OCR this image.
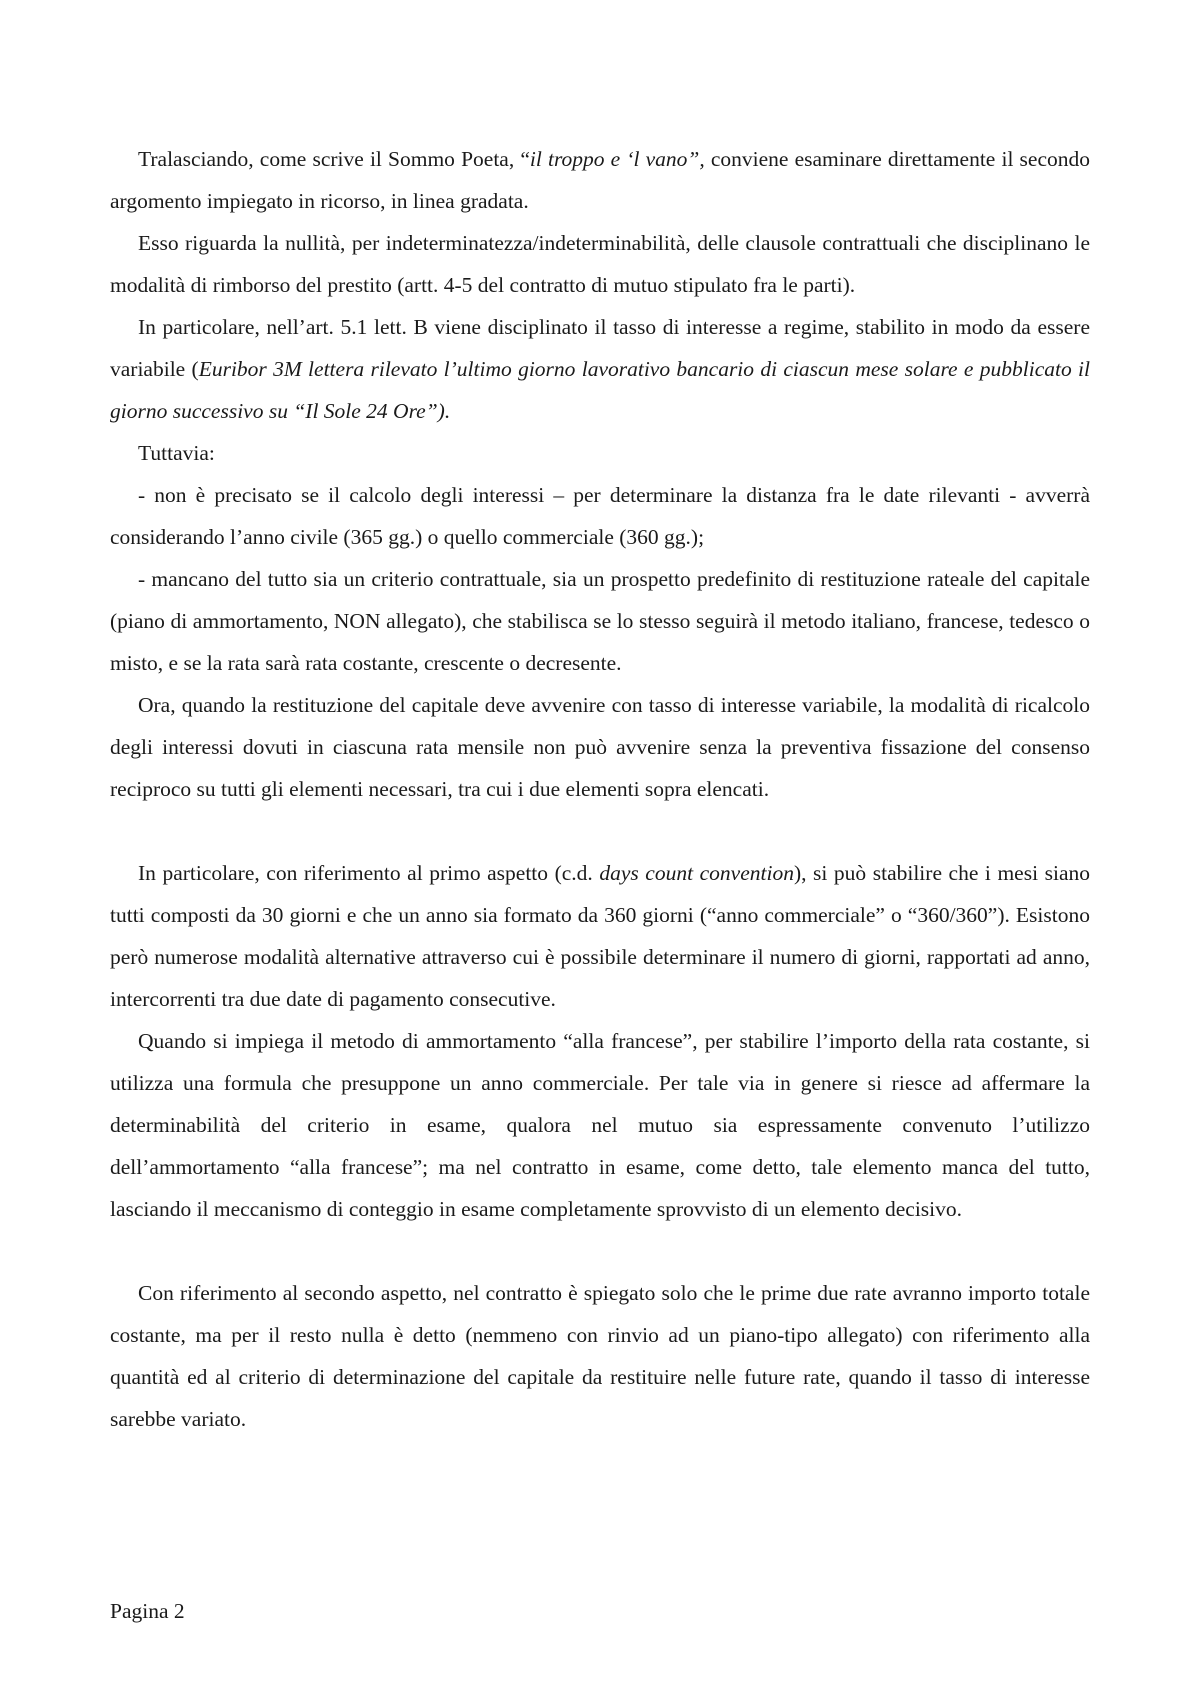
Tralasciando, come scrive il Sommo Poeta, “il troppo e ‘l vano”, conviene esaminare direttamente il secondo argomento impiegato in ricorso, in linea gradata.

Esso riguarda la nullità, per indeterminatezza/indeterminabilità, delle clausole contrattuali che disciplinano le modalità di rimborso del prestito (artt. 4-5 del contratto di mutuo stipulato fra le parti).

In particolare, nell’art. 5.1 lett. B viene disciplinato il tasso di interesse a regime, stabilito in modo da essere variabile (Euribor 3M lettera rilevato l’ultimo giorno lavorativo bancario di ciascun mese solare e pubblicato il giorno successivo su “Il Sole 24 Ore”).

Tuttavia:

- non è precisato se il calcolo degli interessi – per determinare la distanza fra le date rilevanti - avverrà considerando l’anno civile (365 gg.) o quello commerciale (360 gg.);

- mancano del tutto sia un criterio contrattuale, sia un prospetto predefinito di restituzione rateale del capitale (piano di ammortamento, NON allegato), che stabilisca se lo stesso seguirà il metodo italiano, francese, tedesco o misto, e se la rata sarà rata costante, crescente o decresente.

Ora, quando la restituzione del capitale deve avvenire con tasso di interesse variabile, la modalità di ricalcolo degli interessi dovuti in ciascuna rata mensile non può avvenire senza la preventiva fissazione del consenso reciproco su tutti gli elementi necessari, tra cui i due elementi sopra elencati.

In particolare, con riferimento al primo aspetto (c.d. days count convention), si può stabilire che i mesi siano tutti composti da 30 giorni e che un anno sia formato da 360 giorni (“anno commerciale” o “360/360”). Esistono però numerose modalità alternative attraverso cui è possibile determinare il numero di giorni, rapportati ad anno, intercorrenti tra due date di pagamento consecutive.

Quando si impiega il metodo di ammortamento “alla francese”, per stabilire l’importo della rata costante, si utilizza una formula che presuppone un anno commerciale. Per tale via in genere si riesce ad affermare la determinabilità del criterio in esame, qualora nel mutuo sia espressamente convenuto l’utilizzo dell’ammortamento “alla francese”; ma nel contratto in esame, come detto, tale elemento manca del tutto, lasciando il meccanismo di conteggio in esame completamente sprovvisto di un elemento decisivo.

Con riferimento al secondo aspetto, nel contratto è spiegato solo che le prime due rate avranno importo totale costante, ma per il resto nulla è detto (nemmeno con rinvio ad un piano-tipo allegato) con riferimento alla quantità ed al criterio di determinazione del capitale da restituire nelle future rate, quando il tasso di interesse sarebbe variato.

Pagina 2
